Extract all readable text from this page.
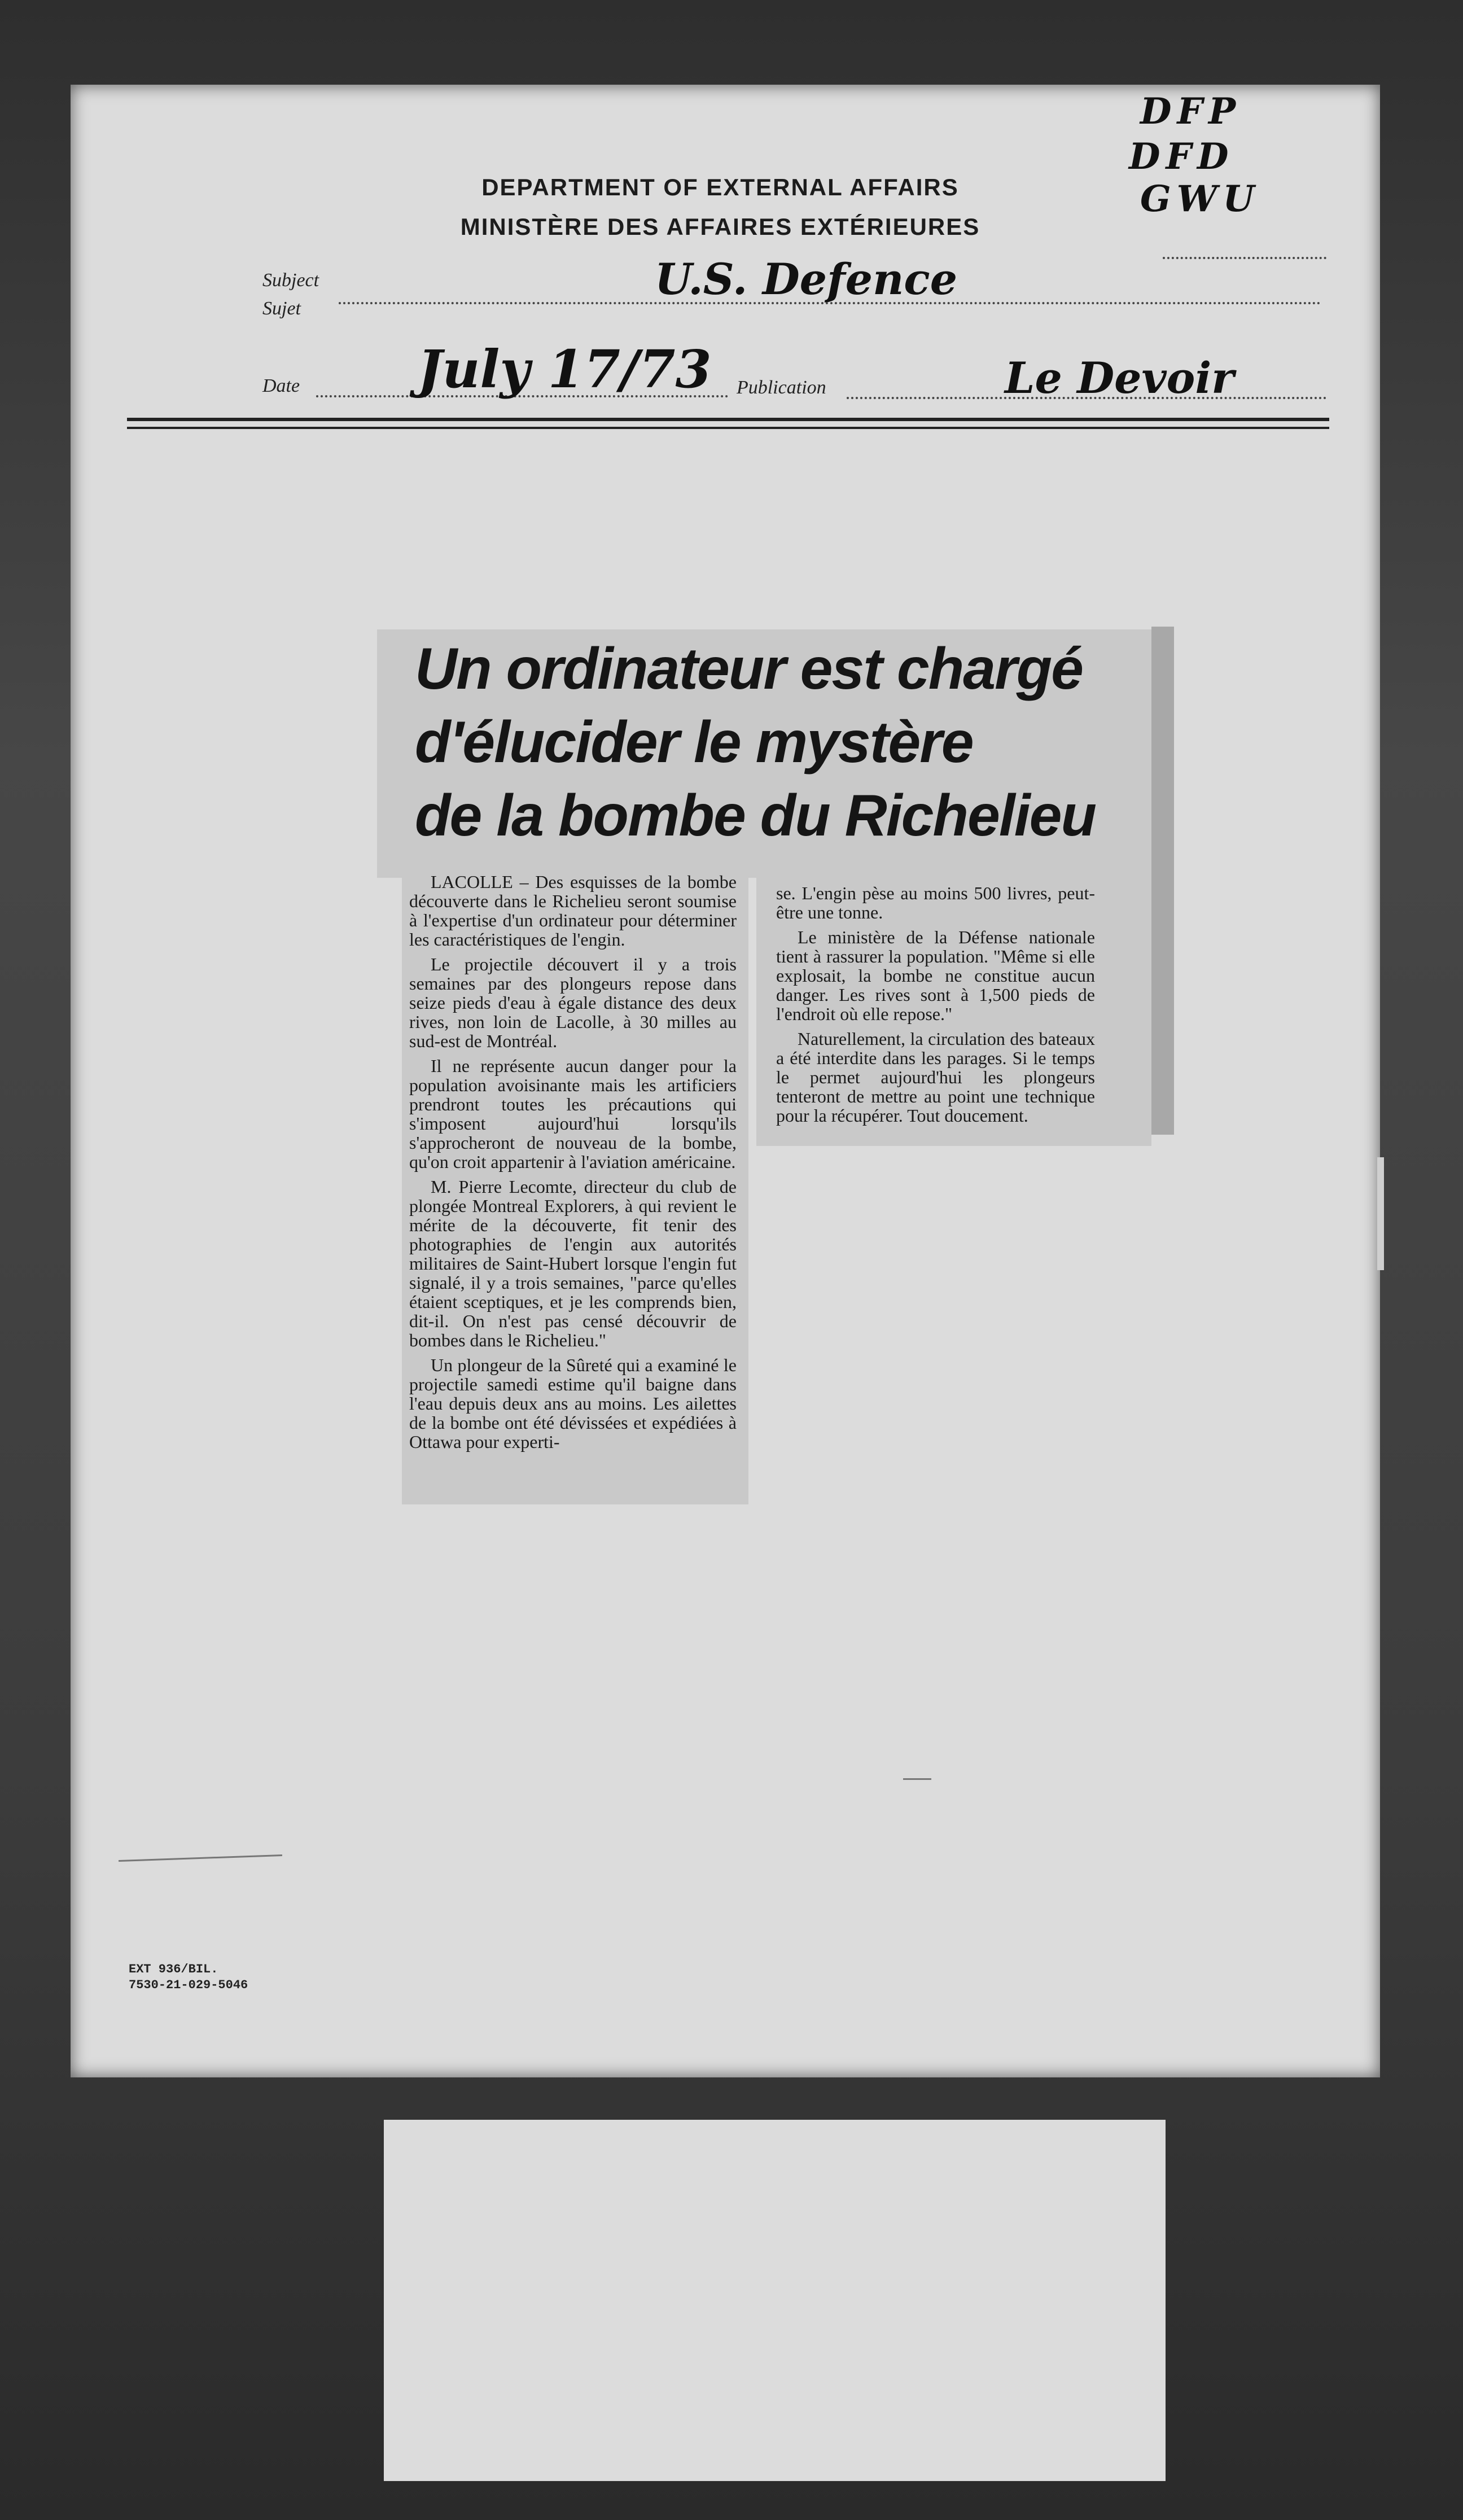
DEPARTMENT OF EXTERNAL AFFAIRS
MINISTÈRE DES AFFAIRES EXTÉRIEURES
DFP
DFD
GWU
Subject
Sujet
U.S. Defence
Date July 17/73 Publication	Le Devoir
Un ordinateur est chargé
d'élucider le mystère
de la bombe du Richelieu

LACOLLE – Des esquisses de la bombe découverte dans le Richelieu seront soumise à l'expertise d'un ordinateur pour déterminer les caractéristiques de l'engin.

Le projectile découvert il y a trois semaines par des plongeurs repose dans seize pieds d'eau à égale distance des deux rives, non loin de Lacolle, à 30 milles au sud-est de Montréal.

Il ne représente aucun danger pour la population avoisinante mais les artificiers prendront toutes les précautions qui s'imposent aujourd'hui lorsqu'ils s'approcheront de nouveau de la bombe, qu'on croit appartenir à l'aviation américaine.

M. Pierre Lecomte, directeur du club de plongée Montreal Explorers, à qui revient le mérite de la découverte, fit tenir des photographies de l'engin aux autorités militaires de Saint-Hubert lorsque l'engin fut signalé, il y a trois semaines, "parce qu'elles étaient sceptiques, et je les comprends bien, dit-il. On n'est pas censé découvrir de bombes dans le Richelieu."

Un plongeur de la Sûreté qui a examiné le projectile samedi estime qu'il baigne dans l'eau depuis deux ans au moins. Les ailettes de la bombe ont été dévissées et expédiées à Ottawa pour experti-

se. L'engin pèse au moins 500 livres, peut-être une tonne.

Le ministère de la Défense nationale tient à rassurer la population. "Même si elle explosait, la bombe ne constitue aucun danger. Les rives sont à 1,500 pieds de l'endroit où elle repose."

Naturellement, la circulation des bateaux a été interdite dans les parages. Si le temps le permet aujourd'hui les plongeurs tenteront de mettre au point une technique pour la récupérer. Tout doucement.

EXT 936/BIL.
7530-21-029-5046
